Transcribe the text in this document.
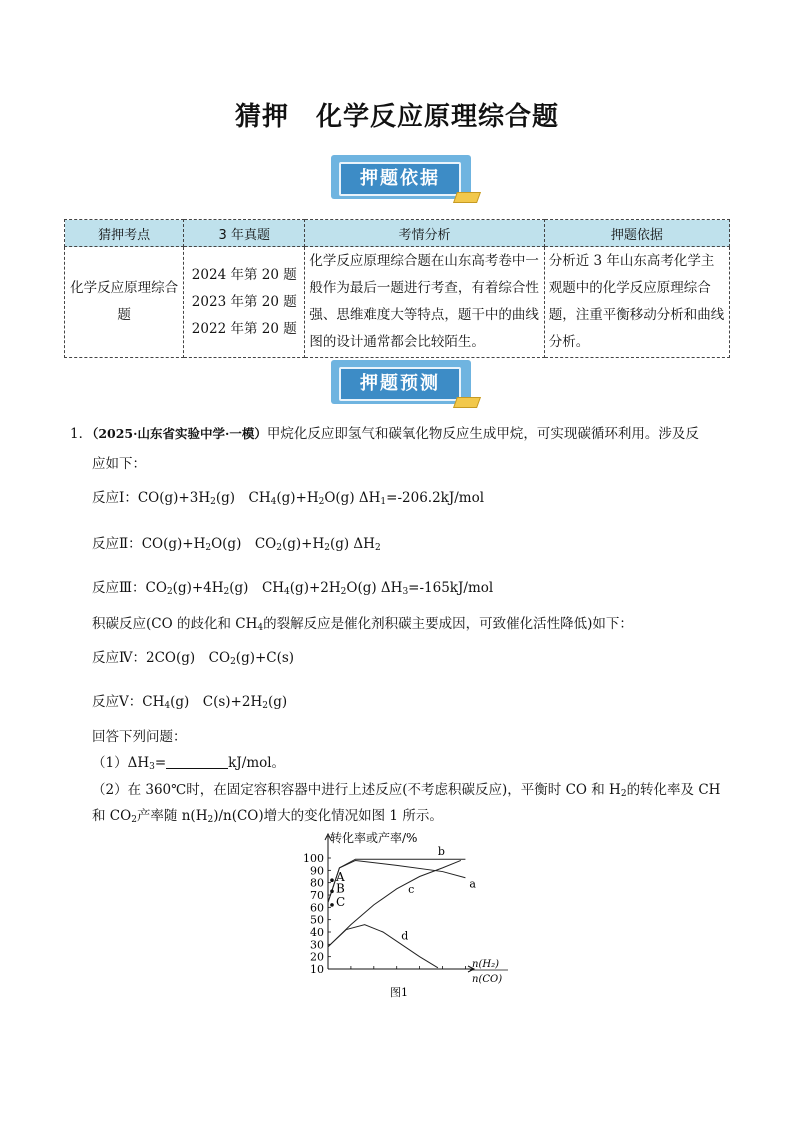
猜押　化学反应原理综合题
押题依据
猜押考点	3 年真题	考情分析	押题依据
化学反应原理综合题	2024 年第 20 题
2023 年第 20 题
2022 年第 20 题	化学反应原理综合题在山东高考卷中一般作为最后一题进行考查，有着综合性强、思维难度大等特点，题干中的曲线图的设计通常都会比较陌生。	分析近 3 年山东高考化学主观题中的化学反应原理综合题，注重平衡移动分析和曲线分析。
押题预测
1．（2025·山东省实验中学·一模）甲烷化反应即氢气和碳氧化物反应生成甲烷，可实现碳循环利用。涉及反
应如下：
反应Ⅰ：$CO(g)+3H_2(g)$　$CH_4(g)+H_2O(g)$ $\Delta H_1=-206.2kJ$/mol
反应Ⅱ：$CO(g)+H_2O(g)$　$CO_2(g)+H_2(g)$ $\Delta H_2$
反应Ⅲ：$CO_2(g)+4H_2(g)$　$CH_4(g)+2H_2O(g)$ $\Delta H_3=-165kJ$/mol
积碳反应(CO 的歧化和 $CH_4$的裂解反应是催化剂积碳主要成因，可致催化活性降低)如下：
反应Ⅳ：2CO(g)　$CO_2(g)+C(s)$
反应Ⅴ：$CH_4(g)$　$C(s)+2H_2(g)$
回答下列问题：
$(1)\Delta H_3=$	kJ/mol。
（2）在 360℃时，在固定容积容器中进行上述反应(不考虑积碳反应)，平衡时 CO 和 $H_2$的转化率及 CH
和 $CO_2$产率随 $n(H_2)/n(CO)$增大的变化情况如图 1 所示。
10
20
30
40
50
60
70
80
90
100
a
b
c
d
A
B
C
转化率或产率/%
n(H₂)
n(CO)
图1
